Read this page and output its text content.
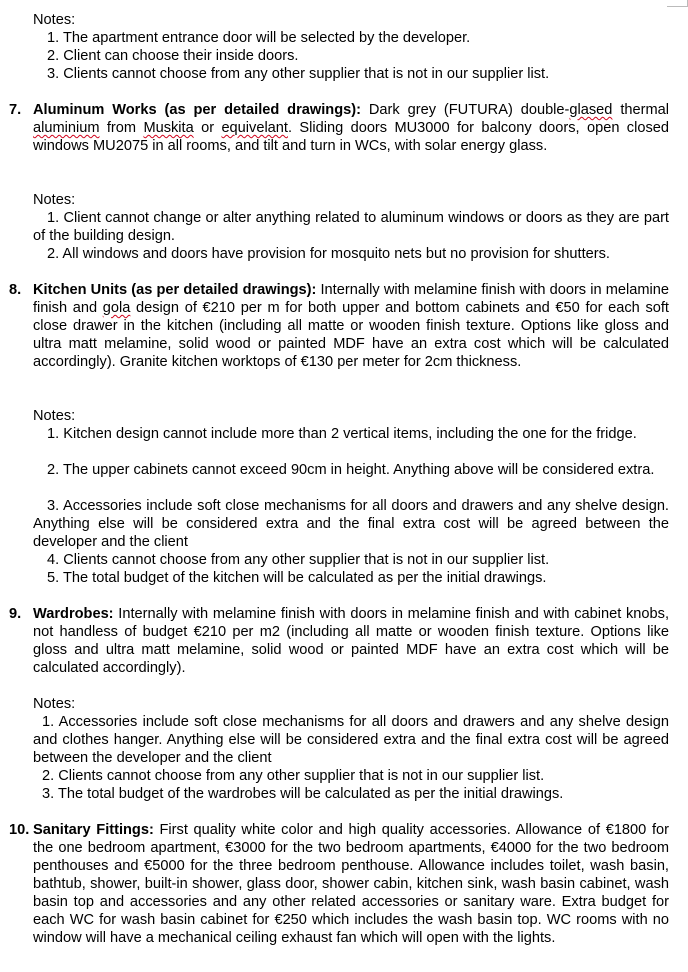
Notes:
1. The apartment entrance door will be selected by the developer.
2. Client can choose their inside doors.
3. Clients cannot choose from any other supplier that is not in our supplier list.
7. Aluminum Works (as per detailed drawings): Dark grey (FUTURA) double-glased thermal aluminium from Muskita or equivelant. Sliding doors MU3000 for balcony doors, open closed windows MU2075 in all rooms, and tilt and turn in WCs, with solar energy glass.
Notes:
1. Client cannot change or alter anything related to aluminum windows or doors as they are part of the building design.
2. All windows and doors have provision for mosquito nets but no provision for shutters.
8. Kitchen Units (as per detailed drawings): Internally with melamine finish with doors in melamine finish and gola design of €210 per m for both upper and bottom cabinets and €50 for each soft close drawer in the kitchen (including all matte or wooden finish texture. Options like gloss and ultra matt melamine, solid wood or painted MDF have an extra cost which will be calculated accordingly). Granite kitchen worktops of €130 per meter for 2cm thickness.
Notes:
1. Kitchen design cannot include more than 2 vertical items, including the one for the fridge.
2. The upper cabinets cannot exceed 90cm in height. Anything above will be considered extra.
3. Accessories include soft close mechanisms for all doors and drawers and any shelve design. Anything else will be considered extra and the final extra cost will be agreed between the developer and the client
4. Clients cannot choose from any other supplier that is not in our supplier list.
5. The total budget of the kitchen will be calculated as per the initial drawings.
9. Wardrobes: Internally with melamine finish with doors in melamine finish and with cabinet knobs, not handless of budget €210 per m2 (including all matte or wooden finish texture. Options like gloss and ultra matt melamine, solid wood or painted MDF have an extra cost which will be calculated accordingly).
Notes:
1. Accessories include soft close mechanisms for all doors and drawers and any shelve design and clothes hanger. Anything else will be considered extra and the final extra cost will be agreed between the developer and the client
2. Clients cannot choose from any other supplier that is not in our supplier list.
3. The total budget of the wardrobes will be calculated as per the initial drawings.
10. Sanitary Fittings: First quality white color and high quality accessories. Allowance of €1800 for the one bedroom apartment, €3000 for the two bedroom apartments, €4000 for the two bedroom penthouses and €5000 for the three bedroom penthouse. Allowance includes toilet, wash basin, bathtub, shower, built-in shower, glass door, shower cabin, kitchen sink, wash basin cabinet, wash basin top and accessories and any other related accessories or sanitary ware. Extra budget for each WC for wash basin cabinet for €250 which includes the wash basin top. WC rooms with no window will have a mechanical ceiling exhaust fan which will open with the lights.
